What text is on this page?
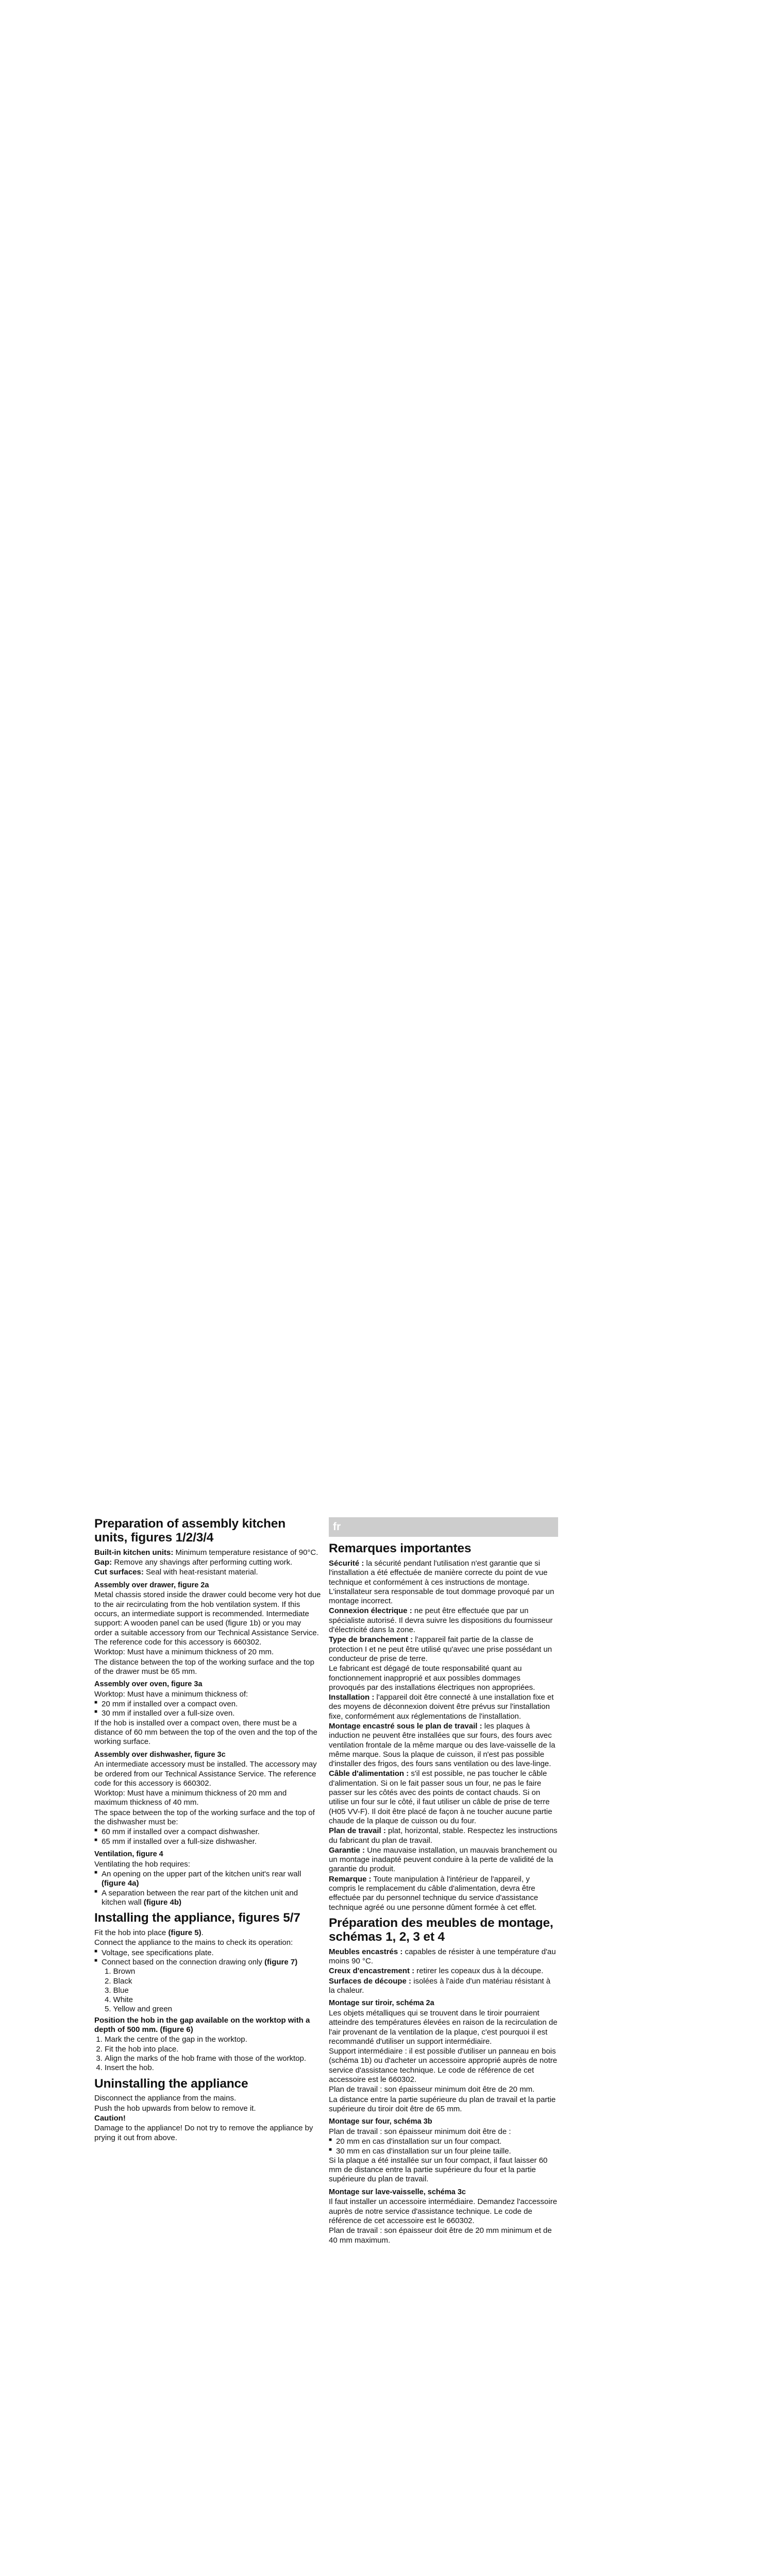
Preparation of assembly kitchen units, figures 1/2/3/4

Built-in kitchen units: Minimum temperature resistance of 90°C.

Gap: Remove any shavings after performing cutting work.

Cut surfaces: Seal with heat-resistant material.

Assembly over drawer, figure 2a

Metal chassis stored inside the drawer could become very hot due to the air recirculating from the hob ventilation system. If this occurs, an intermediate support is recommended. Intermediate support: A wooden panel can be used (figure 1b) or you may order a suitable accessory from our Technical Assistance Service. The reference code for this accessory is 660302.

Worktop: Must have a minimum thickness of 20 mm.

The distance between the top of the working surface and the top of the drawer must be 65 mm.

Assembly over oven, figure 3a

Worktop: Must have a minimum thickness of:

■ 20 mm if installed over a compact oven.
■ 30 mm if installed over a full-size oven.

If the hob is installed over a compact oven, there must be a distance of 60 mm between the top of the oven and the top of the working surface.

Assembly over dishwasher, figure 3c

An intermediate accessory must be installed. The accessory may be ordered from our Technical Assistance Service. The reference code for this accessory is 660302.

Worktop: Must have a minimum thickness of 20 mm and maximum thickness of 40 mm.

The space between the top of the working surface and the top of the dishwasher must be:

■ 60 mm if installed over a compact dishwasher.
■ 65 mm if installed over a full-size dishwasher.
Ventilation, figure 4

Ventilating the hob requires:

■ An opening on the upper part of the kitchen unit's rear wall (figure 4a)
■ A separation between the rear part of the kitchen unit and kitchen wall (figure 4b)
Installing the appliance, figures 5/7

Fit the hob into place (figure 5).

Connect the appliance to the mains to check its operation:

■ Voltage, see specifications plate.
■ Connect based on the connection drawing only (figure 7)
1. Brown
2. Black
3. Blue
4. White
5. Yellow and green

Position the hob in the gap available on the worktop with a depth of 500 mm. (figure 6)

1. Mark the centre of the gap in the worktop.
2. Fit the hob into place.
3. Align the marks of the hob frame with those of the worktop.
4. Insert the hob.
Uninstalling the appliance

Disconnect the appliance from the mains.

Push the hob upwards from below to remove it.

Caution!

Damage to the appliance! Do not try to remove the appliance by prying it out from above.

fr
Remarques importantes

Sécurité : la sécurité pendant l'utilisation n'est garantie que si l'installation a été effectuée de manière correcte du point de vue technique et conformément à ces instructions de montage. L'installateur sera responsable de tout dommage provoqué par un montage incorrect.

Connexion électrique : ne peut être effectuée que par un spécialiste autorisé. Il devra suivre les dispositions du fournisseur d'électricité dans la zone.

Type de branchement : l'appareil fait partie de la classe de protection I et ne peut être utilisé qu'avec une prise possédant un conducteur de prise de terre.

Le fabricant est dégagé de toute responsabilité quant au fonctionnement inapproprié et aux possibles dommages provoqués par des installations électriques non appropriées.

Installation : l'appareil doit être connecté à une installation fixe et des moyens de déconnexion doivent être prévus sur l'installation fixe, conformément aux réglementations de l'installation.

Montage encastré sous le plan de travail : les plaques à induction ne peuvent être installées que sur fours, des fours avec ventilation frontale de la même marque ou des lave-vaisselle de la même marque. Sous la plaque de cuisson, il n'est pas possible d'installer des frigos, des fours sans ventilation ou des lave-linge.

Câble d'alimentation : s'il est possible, ne pas toucher le câble d'alimentation. Si on le fait passer sous un four, ne pas le faire passer sur les côtés avec des points de contact chauds. Si on utilise un four sur le côté, il faut utiliser un câble de prise de terre (H05 VV-F). Il doit être placé de façon à ne toucher aucune partie chaude de la plaque de cuisson ou du four.

Plan de travail : plat, horizontal, stable. Respectez les instructions du fabricant du plan de travail.

Garantie : Une mauvaise installation, un mauvais branchement ou un montage inadapté peuvent conduire à la perte de validité de la garantie du produit.

Remarque : Toute manipulation à l'intérieur de l'appareil, y compris le remplacement du câble d'alimentation, devra être effectuée par du personnel technique du service d'assistance technique agréé ou une personne dûment formée à cet effet.

Préparation des meubles de montage, schémas 1, 2, 3 et 4

Meubles encastrés : capables de résister à une température d'au moins 90 °C.

Creux d'encastrement : retirer les copeaux dus à la découpe.

Surfaces de découpe : isolées à l'aide d'un matériau résistant à la chaleur.

Montage sur tiroir, schéma 2a

Les objets métalliques qui se trouvent dans le tiroir pourraient atteindre des températures élevées en raison de la recirculation de l'air provenant de la ventilation de la plaque, c'est pourquoi il est recommandé d'utiliser un support intermédiaire.

Support intermédiaire : il est possible d'utiliser un panneau en bois (schéma 1b) ou d'acheter un accessoire approprié auprès de notre service d'assistance technique. Le code de référence de cet accessoire est le 660302.

Plan de travail : son épaisseur minimum doit être de 20 mm.

La distance entre la partie supérieure du plan de travail et la partie supérieure du tiroir doit être de 65 mm.

Montage sur four, schéma 3b

Plan de travail : son épaisseur minimum doit être de :

■ 20 mm en cas d'installation sur un four compact.
■ 30 mm en cas d'installation sur un four pleine taille.

Si la plaque a été installée sur un four compact, il faut laisser 60 mm de distance entre la partie supérieure du four et la partie supérieure du plan de travail.

Montage sur lave-vaisselle, schéma 3c

Il faut installer un accessoire intermédiaire. Demandez l'accessoire auprès de notre service d'assistance technique. Le code de référence de cet accessoire est le 660302.

Plan de travail : son épaisseur doit être de 20 mm minimum et de 40 mm maximum.
